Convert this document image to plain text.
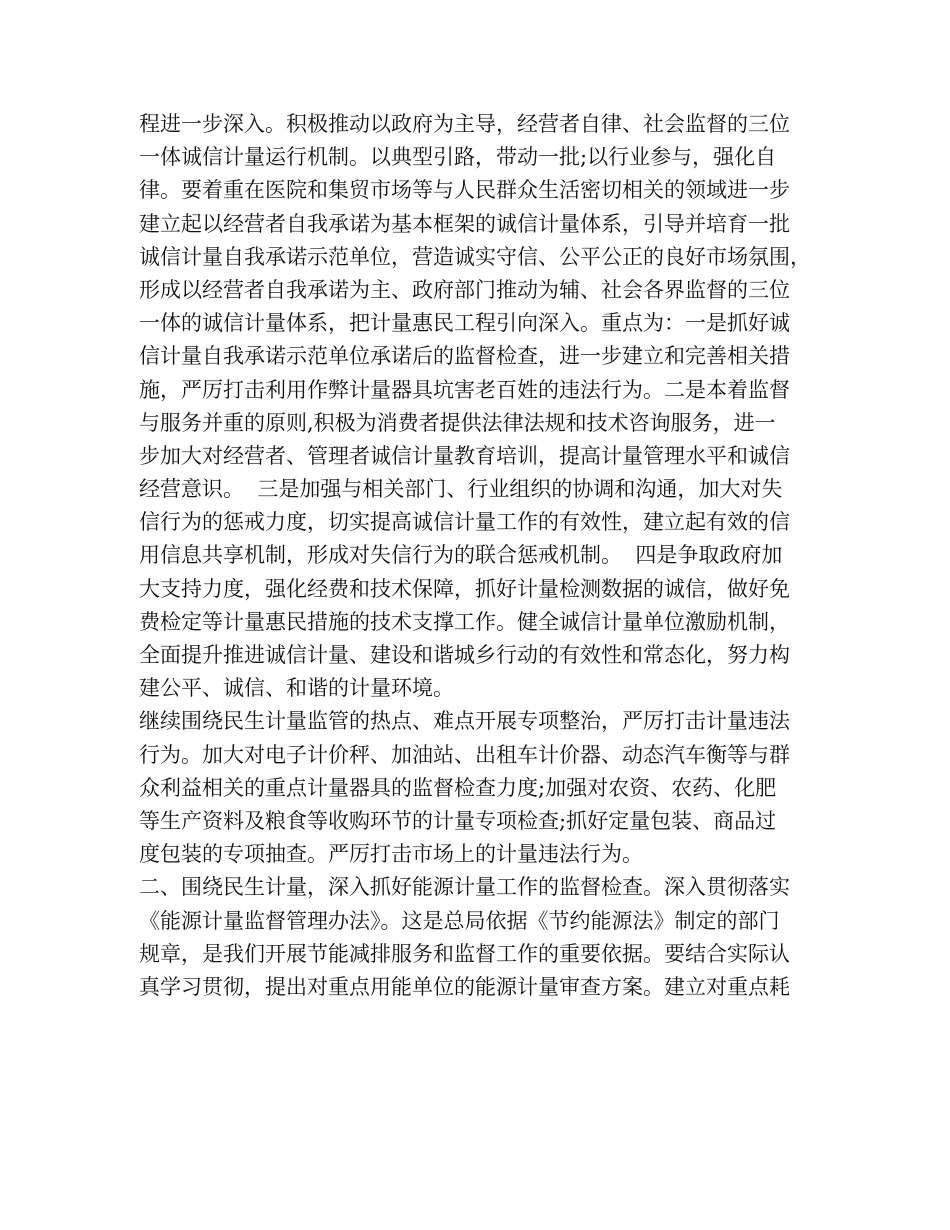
程进一步深入。积极推动以政府为主导，经营者自律、社会监督的三位
一体诚信计量运行机制。以典型引路，带动一批;以行业参与，强化自
律。要着重在医院和集贸市场等与人民群众生活密切相关的领域进一步
建立起以经营者自我承诺为基本框架的诚信计量体系，引导并培育一批
诚信计量自我承诺示范单位，营造诚实守信、公平公正的良好市场氛围，
形成以经营者自我承诺为主、政府部门推动为辅、社会各界监督的三位
一体的诚信计量体系，把计量惠民工程引向深入。重点为：一是抓好诚
信计量自我承诺示范单位承诺后的监督检查，进一步建立和完善相关措
施，严厉打击利用作弊计量器具坑害老百姓的违法行为。二是本着监督
与服务并重的原则,积极为消费者提供法律法规和技术咨询服务，进一
步加大对经营者、管理者诚信计量教育培训，提高计量管理水平和诚信
经营意识。  三是加强与相关部门、行业组织的协调和沟通，加大对失
信行为的惩戒力度，切实提高诚信计量工作的有效性，建立起有效的信
用信息共享机制，形成对失信行为的联合惩戒机制。  四是争取政府加
大支持力度，强化经费和技术保障，抓好计量检测数据的诚信，做好免
费检定等计量惠民措施的技术支撑工作。健全诚信计量单位激励机制，
全面提升推进诚信计量、建设和谐城乡行动的有效性和常态化，努力构
建公平、诚信、和谐的计量环境。
继续围绕民生计量监管的热点、难点开展专项整治，严厉打击计量违法
行为。加大对电子计价秤、加油站、出租车计价器、动态汽车衡等与群
众利益相关的重点计量器具的监督检查力度;加强对农资、农药、化肥
等生产资料及粮食等收购环节的计量专项检查;抓好定量包装、商品过
度包装的专项抽查。严厉打击市场上的计量违法行为。
二、围绕民生计量，深入抓好能源计量工作的监督检查。深入贯彻落实
《能源计量监督管理办法》。这是总局依据《节约能源法》制定的部门
规章，是我们开展节能减排服务和监督工作的重要依据。要结合实际认
真学习贯彻，提出对重点用能单位的能源计量审查方案。建立对重点耗
